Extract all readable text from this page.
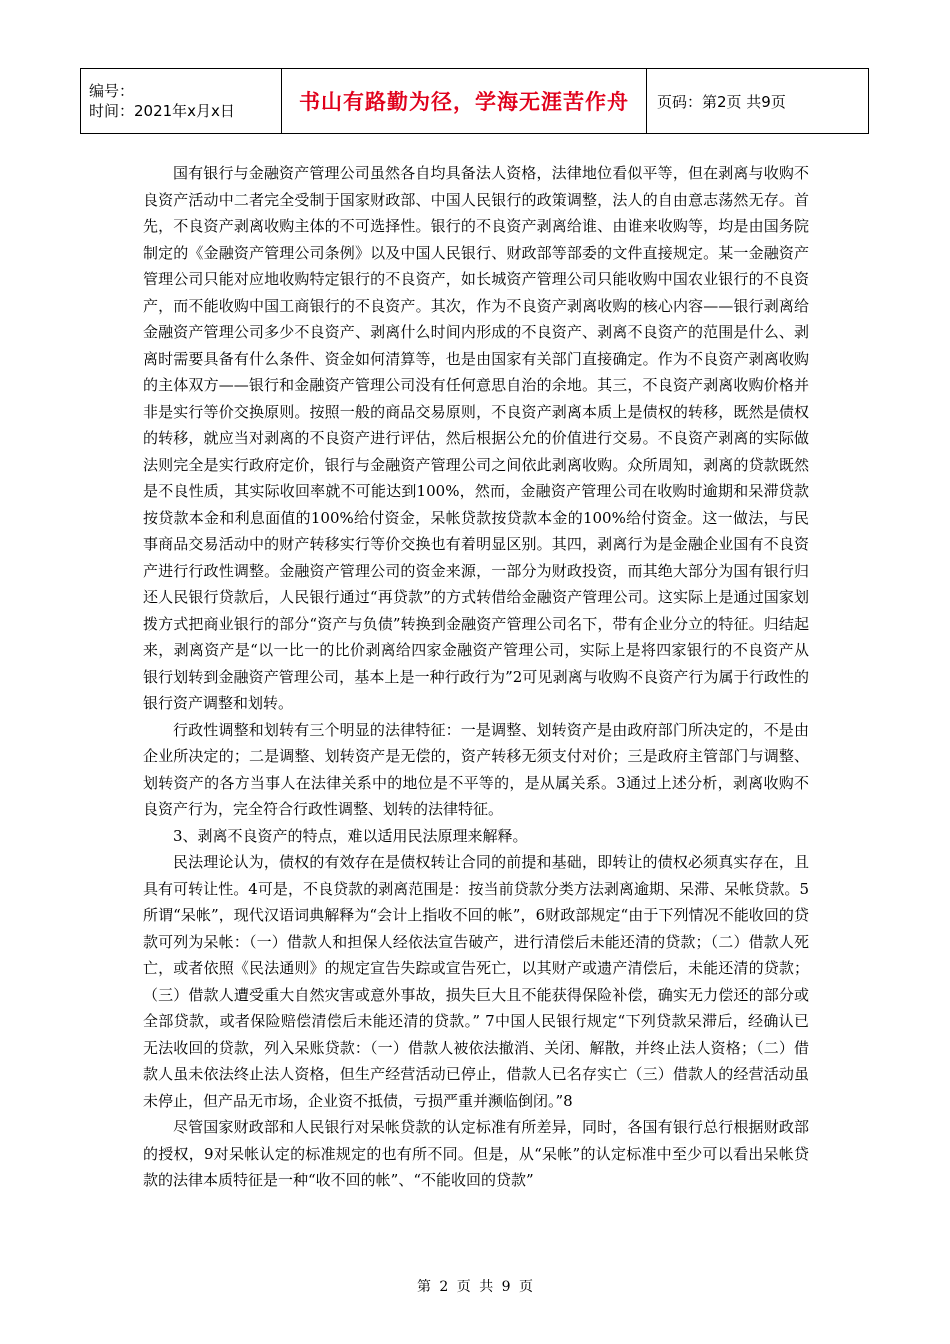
编号：
时间：2021年x月x日	书山有路勤为径，学海无涯苦作舟	页码：第2页 共9页

国有银行与金融资产管理公司虽然各自均具备法人资格，法律地位看似平等，但在剥离与收购不良资产活动中二者完全受制于国家财政部、中国人民银行的政策调整，法人的自由意志荡然无存。首先，不良资产剥离收购主体的不可选择性。银行的不良资产剥离给谁、由谁来收购等，均是由国务院制定的《金融资产管理公司条例》以及中国人民银行、财政部等部委的文件直接规定。某一金融资产管理公司只能对应地收购特定银行的不良资产，如长城资产管理公司只能收购中国农业银行的不良资产，而不能收购中国工商银行的不良资产。其次，作为不良资产剥离收购的核心内容——银行剥离给金融资产管理公司多少不良资产、剥离什么时间内形成的不良资产、剥离不良资产的范围是什么、剥离时需要具备有什么条件、资金如何清算等，也是由国家有关部门直接确定。作为不良资产剥离收购的主体双方——银行和金融资产管理公司没有任何意思自治的余地。其三，不良资产剥离收购价格并非是实行等价交换原则。按照一般的商品交易原则，不良资产剥离本质上是债权的转移，既然是债权的转移，就应当对剥离的不良资产进行评估，然后根据公允的价值进行交易。不良资产剥离的实际做法则完全是实行政府定价，银行与金融资产管理公司之间依此剥离收购。众所周知，剥离的贷款既然是不良性质，其实际收回率就不可能达到100%，然而，金融资产管理公司在收购时逾期和呆滞贷款按贷款本金和利息面值的100%给付资金，呆帐贷款按贷款本金的100%给付资金。这一做法，与民事商品交易活动中的财产转移实行等价交换也有着明显区别。其四，剥离行为是金融企业国有不良资产进行行政性调整。金融资产管理公司的资金来源，一部分为财政投资，而其绝大部分为国有银行归还人民银行贷款后，人民银行通过“再贷款”的方式转借给金融资产管理公司。这实际上是通过国家划拨方式把商业银行的部分“资产与负债”转换到金融资产管理公司名下，带有企业分立的特征。归结起来，剥离资产是“以一比一的比价剥离给四家金融资产管理公司，实际上是将四家银行的不良资产从银行划转到金融资产管理公司，基本上是一种行政行为”2可见剥离与收购不良资产行为属于行政性的银行资产调整和划转。

行政性调整和划转有三个明显的法律特征：一是调整、划转资产是由政府部门所决定的，不是由企业所决定的；二是调整、划转资产是无偿的，资产转移无须支付对价；三是政府主管部门与调整、划转资产的各方当事人在法律关系中的地位是不平等的，是从属关系。3通过上述分析，剥离收购不良资产行为，完全符合行政性调整、划转的法律特征。

3、剥离不良资产的特点，难以适用民法原理来解释。

民法理论认为，债权的有效存在是债权转让合同的前提和基础，即转让的债权必须真实存在，且具有可转让性。4可是，不良贷款的剥离范围是：按当前贷款分类方法剥离逾期、呆滞、呆帐贷款。5所谓“呆帐”，现代汉语词典解释为“会计上指收不回的帐”，6财政部规定“由于下列情况不能收回的贷款可列为呆帐：（一）借款人和担保人经依法宣告破产，进行清偿后未能还清的贷款；（二）借款人死亡，或者依照《民法通则》的规定宣告失踪或宣告死亡，以其财产或遗产清偿后，未能还清的贷款；（三）借款人遭受重大自然灾害或意外事故，损失巨大且不能获得保险补偿，确实无力偿还的部分或全部贷款，或者保险赔偿清偿后未能还清的贷款。” 7中国人民银行规定“下列贷款呆滞后，经确认已无法收回的贷款，列入呆账贷款：（一）借款人被依法撤消、关闭、解散，并终止法人资格；（二）借款人虽未依法终止法人资格，但生产经营活动已停止，借款人已名存实亡（三）借款人的经营活动虽未停止，但产品无市场，企业资不抵债，亏损严重并濒临倒闭。”8

尽管国家财政部和人民银行对呆帐贷款的认定标准有所差异，同时，各国有银行总行根据财政部的授权，9对呆帐认定的标准规定的也有所不同。但是，从“呆帐”的认定标准中至少可以看出呆帐贷款的法律本质特征是一种“收不回的帐”、“不能收回的贷款”

第 2 页 共 9 页
